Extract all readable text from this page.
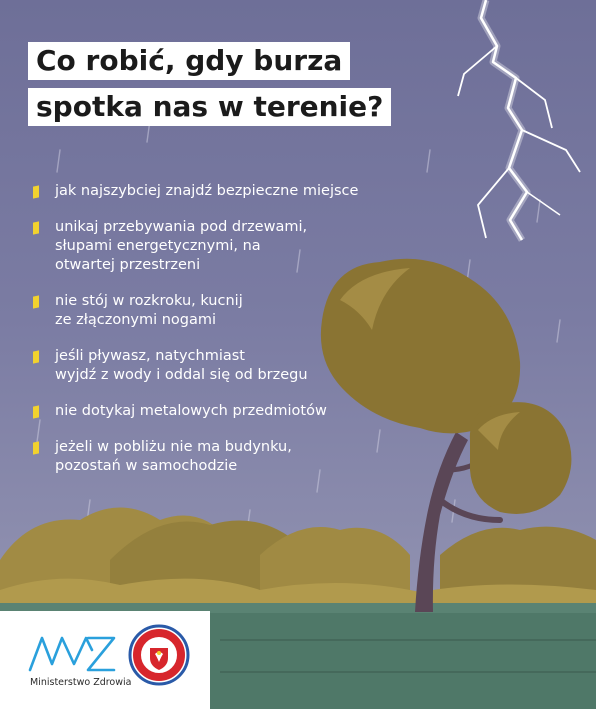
Co robić, gdy burza
spotka nas w terenie?
jak najszybciej znajdź bezpieczne miejsce
unikaj przebywania pod drzewami,
słupami energetycznymi, na
otwartej przestrzeni
nie stój w rozkroku, kucnij
ze złączonymi nogami
jeśli pływasz, natychmiast
wyjdź z wody i oddal się od brzegu
nie dotykaj metalowych przedmiotów
jeżeli w pobliżu nie ma budynku,
pozostań w samochodzie
Ministerstwo Zdrowia
